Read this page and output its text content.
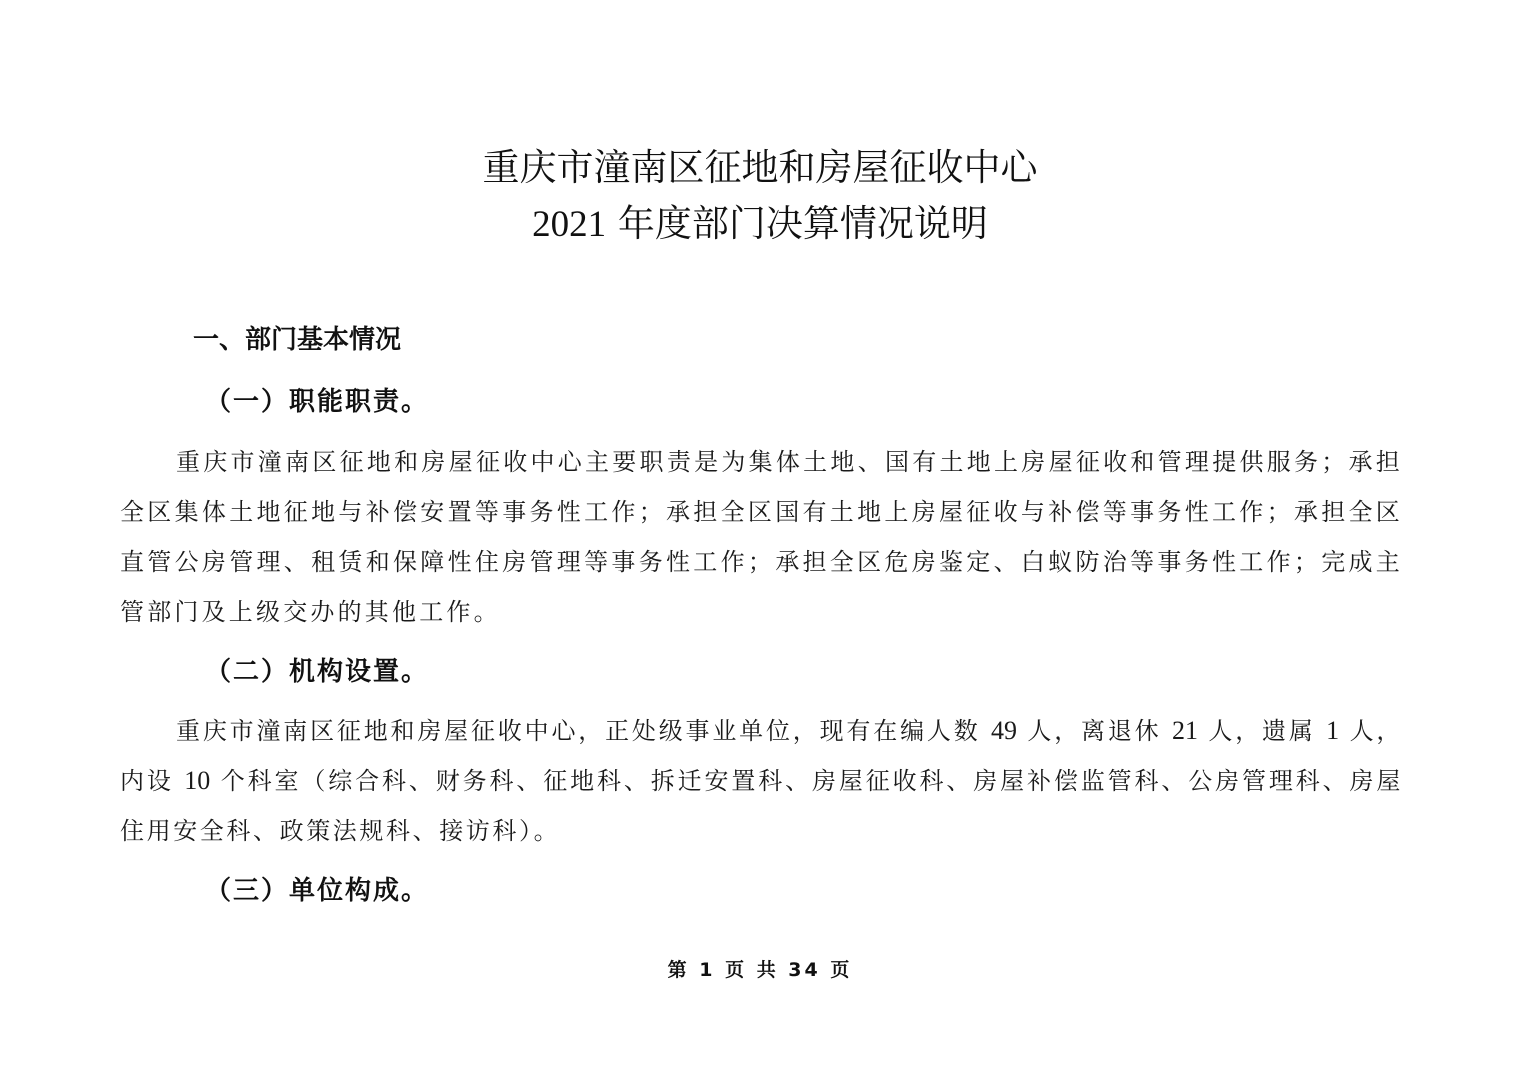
重庆市潼南区征地和房屋征收中心
2021 年度部门决算情况说明
一、部门基本情况
（一）职能职责。

重庆市潼南区征地和房屋征收中心主要职责是为集体土地、国有土地上房屋征收和管理提供服务；承担全区集体土地征地与补偿安置等事务性工作；承担全区国有土地上房屋征收与补偿等事务性工作；承担全区直管公房管理、租赁和保障性住房管理等事务性工作；承担全区危房鉴定、白蚁防治等事务性工作；完成主管部门及上级交办的其他工作。

（二）机构设置。

重庆市潼南区征地和房屋征收中心，正处级事业单位，现有在编人数 49 人，离退休 21 人，遗属 1 人，内设 10 个科室（综合科、财务科、征地科、拆迁安置科、房屋征收科、房屋补偿监管科、公房管理科、房屋住用安全科、政策法规科、接访科）。

（三）单位构成。
第 1 页 共 34 页
